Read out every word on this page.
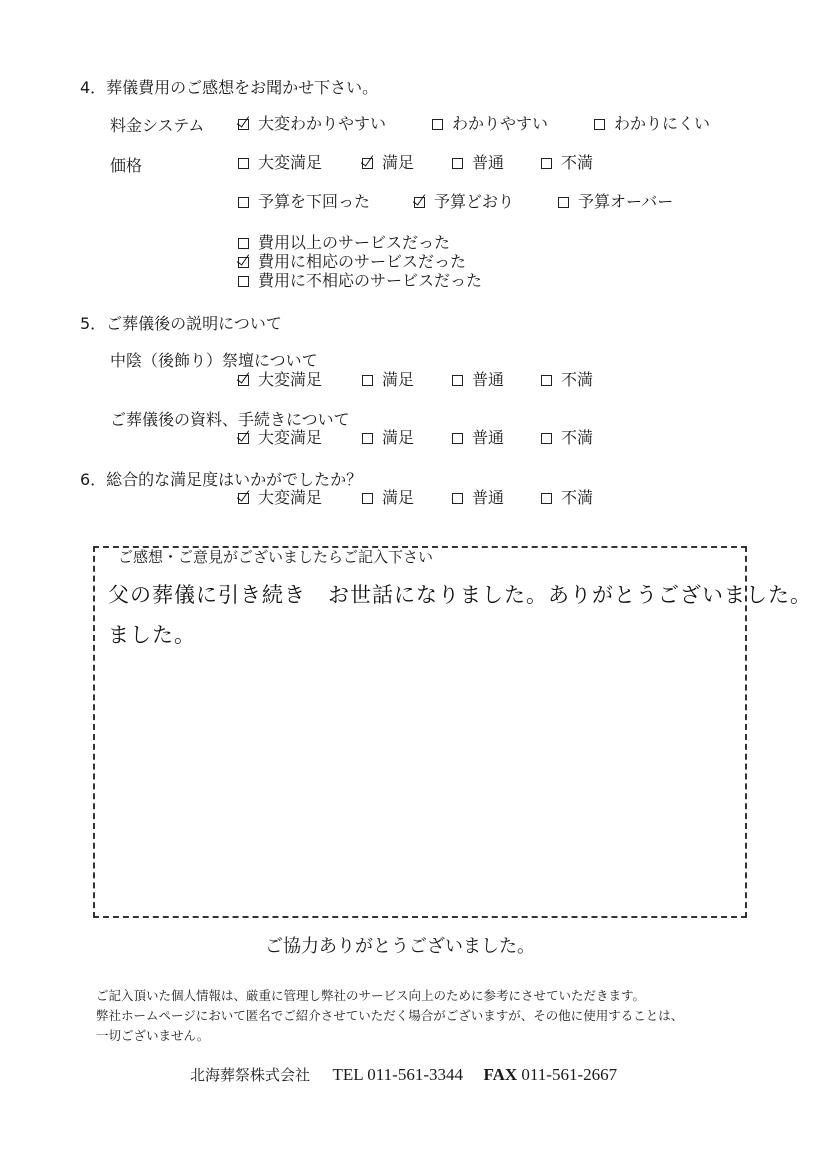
4．葬儀費用のご感想をお聞かせ下さい。
料金システム	大変わかりやすい	わかりやすい	わかりにくい
価格	大変満足	満足	普通	不満
予算を下回った	予算どおり	予算オーバー
費用以上のサービスだった
費用に相応のサービスだった
費用に不相応のサービスだった
5．ご葬儀後の説明について
中陰（後飾り）祭壇について
大変満足	満足	普通	不満
ご葬儀後の資料、手続きについて
大変満足	満足	普通	不満
6．総合的な満足度はいかがでしたか？
大変満足	満足	普通	不満
ご感想・ご意見がございましたらご記入下さい
父の葬儀に引き続き　お世話になりました。ありがとうございました。
ました。
ご協力ありがとうございました。
ご記入頂いた個人情報は、厳重に管理し弊社のサービス向上のために参考にさせていただきます。
弊社ホームページにおいて匿名でご紹介させていただく場合がございますが、その他に使用することは、
一切ございません。
北海葬祭株式会社 TEL 011-561-3344 FAX 011-561-2667
